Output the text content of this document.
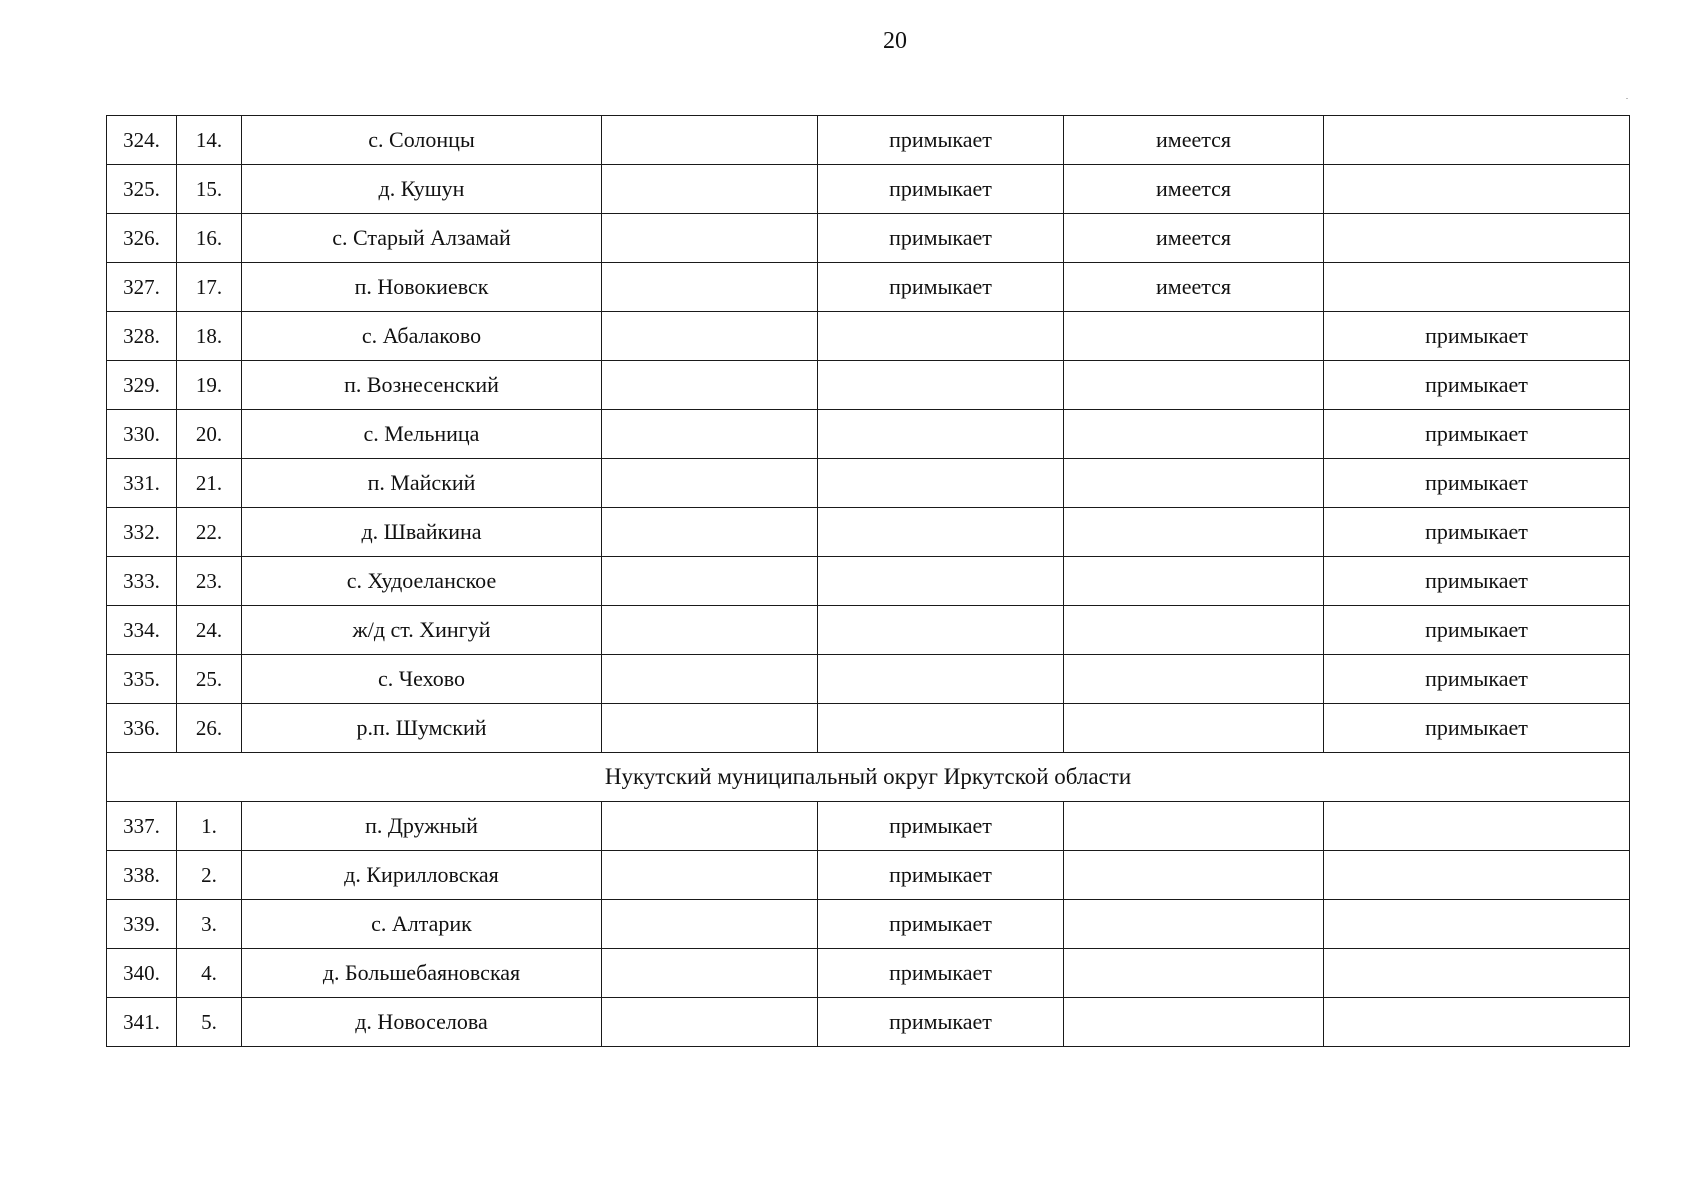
20
324.	14.	с. Солонцы		примыкает	имеется	
325.	15.	д. Кушун		примыкает	имеется	
326.	16.	с. Старый Алзамай		примыкает	имеется	
327.	17.	п. Новокиевск		примыкает	имеется	
328.	18.	с. Абалаково				примыкает
329.	19.	п. Вознесенский				примыкает
330.	20.	с. Мельница				примыкает
331.	21.	п. Майский				примыкает
332.	22.	д. Швайкина				примыкает
333.	23.	с. Худоеланское				примыкает
334.	24.	ж/д ст. Хингуй				примыкает
335.	25.	с. Чехово				примыкает
336.	26.	р.п. Шумский				примыкает
Нукутский муниципальный округ Иркутской области						
337.	1.	п. Дружный		примыкает		
338.	2.	д. Кирилловская		примыкает		
339.	3.	с. Алтарик		примыкает		
340.	4.	д. Большебаяновская		примыкает		
341.	5.	д. Новоселова		примыкает		
